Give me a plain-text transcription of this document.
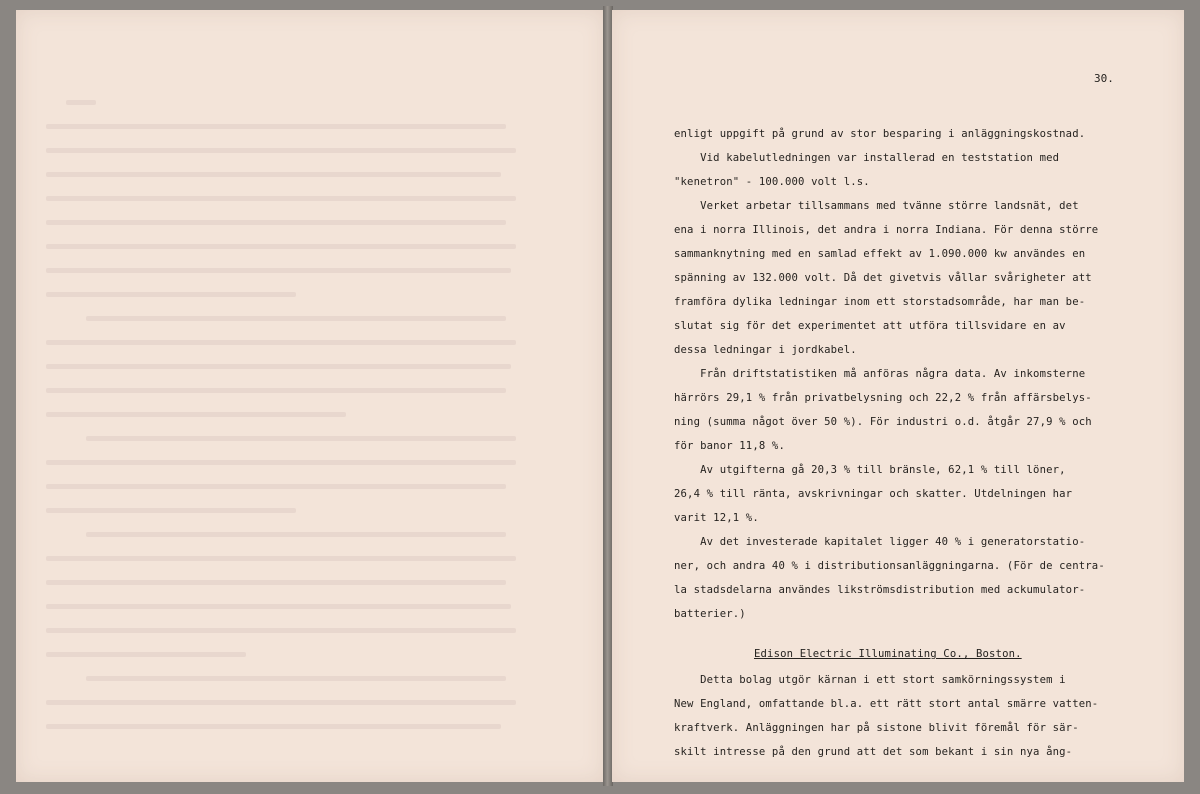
30.
enligt uppgift på grund av stor besparing i anläggningskostnad.
Vid kabelutledningen var installerad en teststation med
"kenetron" - 100.000 volt l.s.
Verket arbetar tillsammans med tvänne större landsnät, det
ena i norra Illinois, det andra i norra Indiana. För denna större
sammanknytning med en samlad effekt av 1.090.000 kw användes en
spänning av 132.000 volt. Då det givetvis vållar svårigheter att
framföra dylika ledningar inom ett storstadsområde, har man be-
slutat sig för det experimentet att utföra tillsvidare en av
dessa ledningar i jordkabel.
Från driftstatistiken må anföras några data. Av inkomsterne
härrörs 29,1 % från privatbelysning och 22,2 % från affärsbelys-
ning (summa något över 50 %). För industri o.d. åtgår 27,9 % och
för banor 11,8 %.
Av utgifterna gå 20,3 % till bränsle, 62,1 % till löner,
26,4 % till ränta, avskrivningar och skatter. Utdelningen har
varit 12,1 %.
Av det investerade kapitalet ligger 40 % i generatorstatio-
ner, och andra 40 % i distributionsanläggningarna. (För de centra-
la stadsdelarna användes likströmsdistribution med ackumulator-
batterier.)
Edison Electric Illuminating Co., Boston.
Detta bolag utgör kärnan i ett stort samkörningssystem i
New England, omfattande bl.a. ett rätt stort antal smärre vatten-
kraftverk. Anläggningen har på sistone blivit föremål för sär-
skilt intresse på den grund att det som bekant i sin nya ång-
